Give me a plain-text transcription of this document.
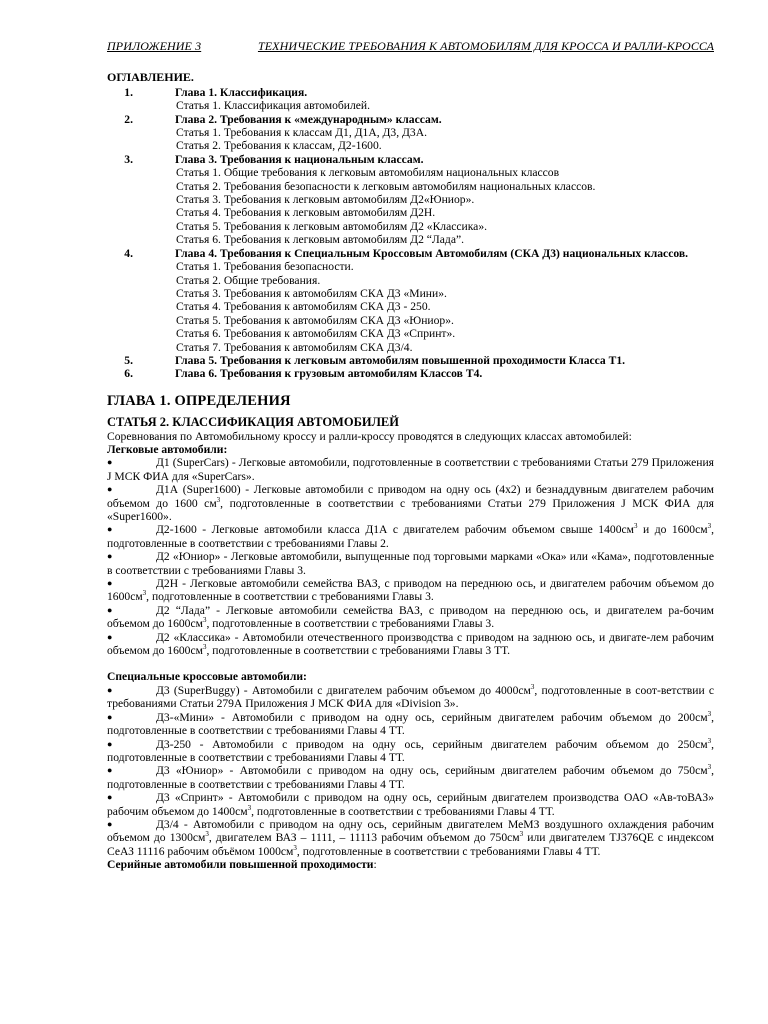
ПРИЛОЖЕНИЕ 3	ТЕХНИЧЕСКИЕ ТРЕБОВАНИЯ К АВТОМОБИЛЯМ ДЛЯ КРОСCА И РАЛЛИ-КРОССА
ОГЛАВЛЕНИЕ.
1.	Глава 1. Классификация.
Статья 1. Классификация автомобилей.
2.	Глава 2. Требования к «международным» классам.
Статья 1. Требования к классам Д1, Д1А, Д3, Д3А.
Статья 2. Требования к классам, Д2-1600.
3.	Глава 3. Требования к национальным классам.
Статья 1. Общие требования к легковым автомобилям национальных классов
Статья 2. Требования безопасности к легковым автомобилям национальных классов.
Статья 3. Требования к легковым автомобилям Д2«Юниор».
Статья 4. Требования к легковым автомобилям Д2Н.
Статья 5. Требования к легковым автомобилям Д2 «Классика».
Статья 6. Требования к легковым автомобилям Д2 “Лада”.
4.	Глава 4. Требования к Специальным Кроссовым Автомобилям (СКА Д3) национальных классов.
Статья 1. Требования безопасности.
Статья 2. Общие требования.
Статья 3. Требования к автомобилям СКА Д3 «Мини».
Статья 4. Требования к автомобилям СКА Д3 - 250.
Статья 5. Требования к автомобилям СКА Д3 «Юниор».
Статья 6. Требования к автомобилям СКА Д3 «Спринт».
Статья 7. Требования к автомобилям СКА Д3/4.
5.	Глава 5. Требования к легковым автомобилям повышенной проходимости Класса Т1.
6.	Глава 6. Требования к грузовым автомобилям Классов Т4.
ГЛАВА 1. ОПРЕДЕЛЕНИЯ
СТАТЬЯ 2. КЛАССИФИКАЦИЯ АВТОМОБИЛЕЙ

Соревнования по Автомобильному кроссу и ралли-кроссу проводятся в следующих классах автомобилей:

Легковые автомобили:

●	Д1 (SuperCars) - Легковые автомобили, подготовленные в соответствии с требованиями Статьи 279 Приложения J МСК ФИА для «SuperCars».

●	Д1А (Super1600) - Легковые автомобили с приводом на одну ось (4x2) и безнаддувным двигателем рабочим объемом до 1600 $см^3$, подготовленные в соответствии с требованиями Статьи 279 Приложения J МСК ФИА для «Super1600».

●	Д2-1600 - Легковые автомобили класса Д1А с двигателем рабочим объемом свыше $1400см^3$ и до $1600см^3$, подготовленные в соответствии с требованиями Главы 2.

●	Д2 «Юниор» - Легковые автомобили, выпущенные под торговыми марками «Ока» или «Кама», подготовленные в соответствии с требованиями Главы 3.

●	Д2Н - Легковые автомобили семейства ВАЗ, с приводом на переднюю ось, и двигателем рабочим объемом до $1600см^3$, подготовленные в соответствии с требованиями Главы 3.

●	Д2 “Лада” - Легковые автомобили семейства ВАЗ, с приводом на переднюю ось, и двигателем ра-бочим объемом до $1600см^3$, подготовленные в соответствии с требованиями Главы 3.

●	Д2 «Классика» - Автомобили отечественного производства с приводом на заднюю ось, и двигате-лем рабочим объемом до $1600см^3$, подготовленные в соответствии с требованиями Главы 3 ТТ.

Специальные кроссовые автомобили:

●	Д3 (SuperBuggy) - Автомобили с двигателем рабочим объемом до $4000см^3$, подготовленные в соот-ветствии с требованиями Статьи 279А Приложения J МСК ФИА для «Division 3».

●	Д3-«Мини» - Автомобили с приводом на одну ось, серийным двигателем рабочим объемом до $200см^3$, подготовленные в соответствии с требованиями Главы 4 ТТ.

●	Д3-250 - Автомобили с приводом на одну ось, серийным двигателем рабочим объемом до $250см^3$, подготовленные в соответствии с требованиями Главы 4 ТТ.

●	Д3 «Юниор» - Автомобили с приводом на одну ось, серийным двигателем рабочим объемом до $750см^3$, подготовленные в соответствии с требованиями Главы 4 ТТ.

●	Д3 «Спринт» - Автомобили с приводом на одну ось, серийным двигателем производства ОАО «Ав-тоВАЗ» рабочим объемом до $1400см^3$, подготовленные в соответствии с требованиями Главы 4 ТТ.

●	Д3/4 - Автомобили с приводом на одну ось, серийным двигателем МеМЗ воздушного охлаждения рабочим объемом до $1300см^3$, двигателем ВАЗ – 1111, – 11113 рабочим объемом до $750см^3$ или двигателем TJ376QE с индексом СеАЗ 11116 рабочим объёмом $1000см^3$, подготовленные в соответствии с требованиями Главы 4 ТТ.

Серийные автомобили повышенной проходимости:
